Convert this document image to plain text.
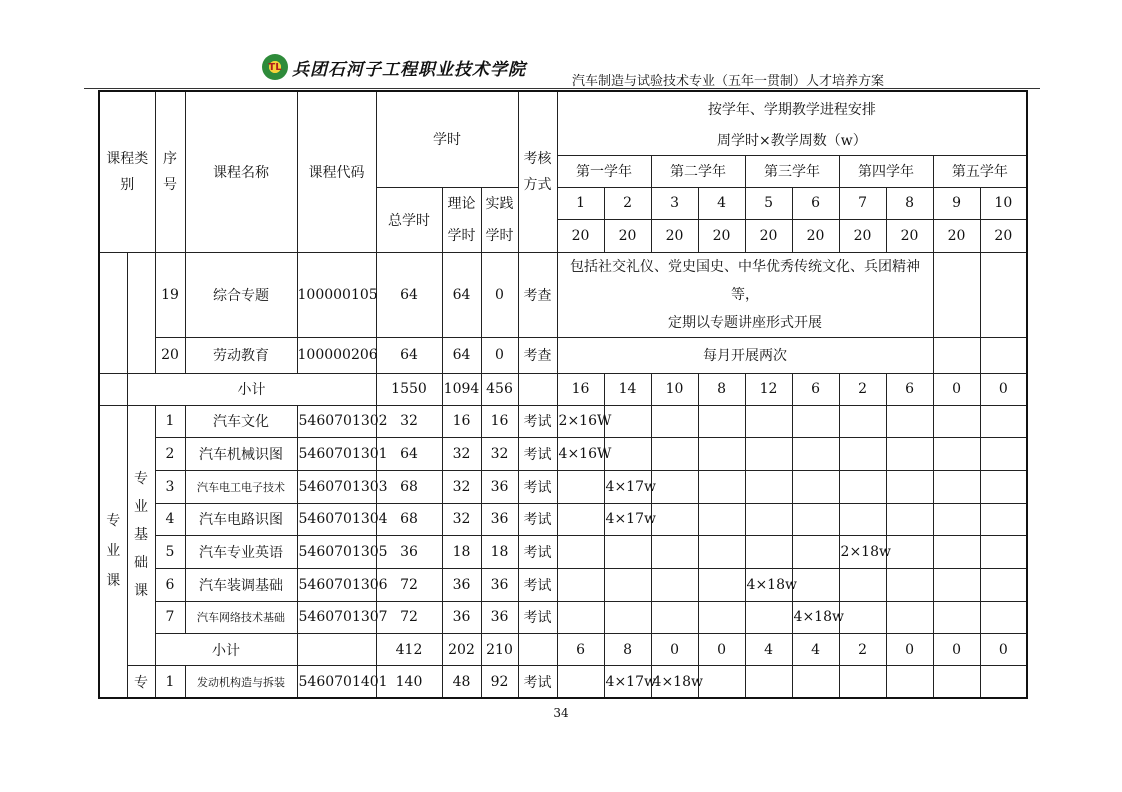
TL 兵团石河子工程职业技术学院
汽车制造与试验技术专业（五年一贯制）人才培养方案
课程类别		序号	课程名称	课程代码	学时			考核方式	按学年、学期教学进程安排									
									周学时×教学周数（w）									
									第一学年		第二学年		第三学年		第四学年		第五学年	
					总学时	理论学时	实践学时		1	2	3	4	5	6	7	8	9	10
									20	20	20	20	20	20	20	20	20	20
		19	综合专题	100000105	64	64	0	考查	包括社交礼仪、党史国史、中华优秀传统文化、兵团精神等，
定期以专题讲座形式开展									

		20	劳动教育	100000206	64	64	0	考查	每月开展两次									
	小计				1550	1094	456		16	14	10	8	12	6	2	6	0	0
专业课	专业基础课	1	汽车文化	5460701302	32	16	16	考试	2×16W									
		2	汽车机械识图	5460701301	64	32	32	考试	4×16W									
		3	汽车电工电子技术	5460701303	68	32	36	考试		4×17w								
		4	汽车电路识图	5460701304	68	32	36	考试		4×17w								
		5	汽车专业英语	5460701305	36	18	18	考试							2×18w			
		6	汽车装调基础	5460701306	72	36	36	考试					4×18w					
		7	汽车网络技术基础	5460701307	72	36	36	考试						4×18w				
		小计			412	202	210		6	8	0	0	4	4	2	0	0	0
	专	1	发动机构造与拆装	5460701401	140	48	92	考试		4×17w	4×18w							
34
